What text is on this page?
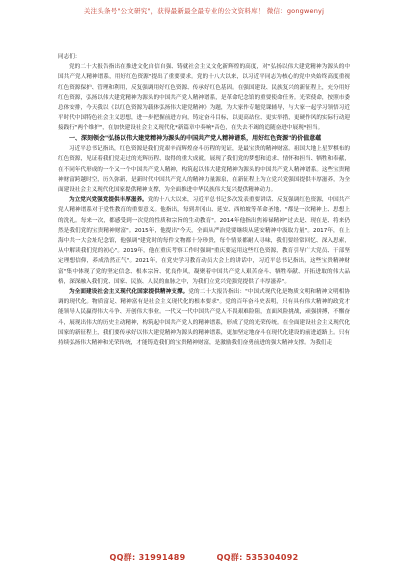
关注头条号"公文研究"，获得最新最全最专业的公文资料库！ 微信：gongwenyj

同志们：

党的二十大报告指出在推进文化自信自强、铸就社会主义文化新辉煌的高度，对"弘扬以伟大建党精神为源头的中国共产党人精神谱系，用好红色资源"提出了重要要求。党的十八大以来，以习近平同志为核心的党中央始终高度重视红色资源保护、管理和利用，反复强调用好红色资源、传承好红色基因。在强国建设、民族复兴的新征程上，充分用好红色资源，弘扬以伟大建党精神为源头的中国共产党人精神谱系，是革命纪念馆的重要使命任务。光荣使命，按照市委总体安排，今天我以《以红色资源为载体弘扬伟大建党精神》为题，为大家作专题党课辅导，与大家一起学习领悟习近平时代中国特色社会主义思想，进一步把握前进方向，铸定奋斗目标，以更高站位、更实举措，更硬作风的实际行动迎接践行"两个维护"，在加快建设社会主义现代化*新篇章中奏响*音色，在失去不竭的追随奋进中展现*担当。

一、深刻领会"弘扬以伟大建党精神为源头的中国共产党人精神谱系，用好红色资源"的价值意蕴

习近平总书记指出，红色资源是我们党艰辛而辉煌奋斗历程的见证，是最宝贵的精神财富。祖国大地上星罗棋布的红色资源，见证着我们党走过的光辉历程、取得的重大成就，展现了我们党的梦想和追求、情怀和担当、牺牲和奉献，在不同年代形成的一个又一个中国共产党人精神，构筑起以伟大建党精神为源头的中国共产党人精神谱系。这些宝贵精神财富跨越时空，历久弥新，是新时代中国共产党人的精神力量源泉，在新征程上为立党兴党强国提供丰厚滋养，为全面建设社会主义现代化国家提供精神支撑，为全面推进中华民族伟大复兴提供精神动力。

为立党兴党强党提供丰厚滋养。党的十八大以来，习近平总书记多次发表重要讲话、反复强调红色资源，中国共产党人精神谱系对于党性教育的重要意义。他指出，每到井冈山、延安、西柏坡等革命圣地，"都是一次精神上、思想上的洗礼。每来一次，都感受到一次党的性质和宗旨的生动教育"。2014年他指出焦裕禄精神"过去是、现在是、将来仍然是我们党的宝贵精神财富"。2015年，他提出"今天，全面从严治党要继续从延安精神中汲取力量"。2017年，在上海中共一大会址纪念馆，他强调"建党时的每件文物都十分珍贵，每个情景都耐人寻味，我们要经常回忆、深入思索，从中解读我们党的初心"。2019年，他在重庆考察工作时强调"重庆要运用这些红色资源，教育引导广大党员、干部坚定理想信仰，养成浩然正气"。2021年，在党史学习教育动员大会上的讲话中，习近平总书记指出，这些宝贵精神财富"集中体现了党的坚定信念、根本宗旨、优良作风，凝聚着中国共产党人艰苦奋斗、牺牲奉献、开拓进取的伟大品格，深深融入我们党、国家、民族、人民的血脉之中，为我们立党兴党强党提供了丰厚滋养"。

为全面建设社会主义现代化国家提供精神支撑。党的二十大报告指出："中国式现代化是物质文明和精神文明相协调的现代化。物质富足、精神富有是社会主义现代化的根本要求"。党的百年奋斗史表明，只有具有伟大精神的政党才能领导人民赢得伟大斗争、开创伟大事业。一代又一代中国共产党人不畏艰难险阻，直面风险挑战，顽强拼搏，不懈奋斗，展现出伟大的历史主动精神，构筑起中国共产党人的精神谱系，形成了党的光荣传统。在全面建设社会主义现代化国家的新征程上，我们要传承好以伟大建党精神为源头的精神谱系，更加坚定地奋斗在现代化建设的前进道路上。只有持续弘扬伟大精神和光荣传统，才能铸造我们的宝贵精神财富，是激励我们奋勇前进的强大精神支撑。为我们走

QQ群: 31991489	QQ群: 535304092
